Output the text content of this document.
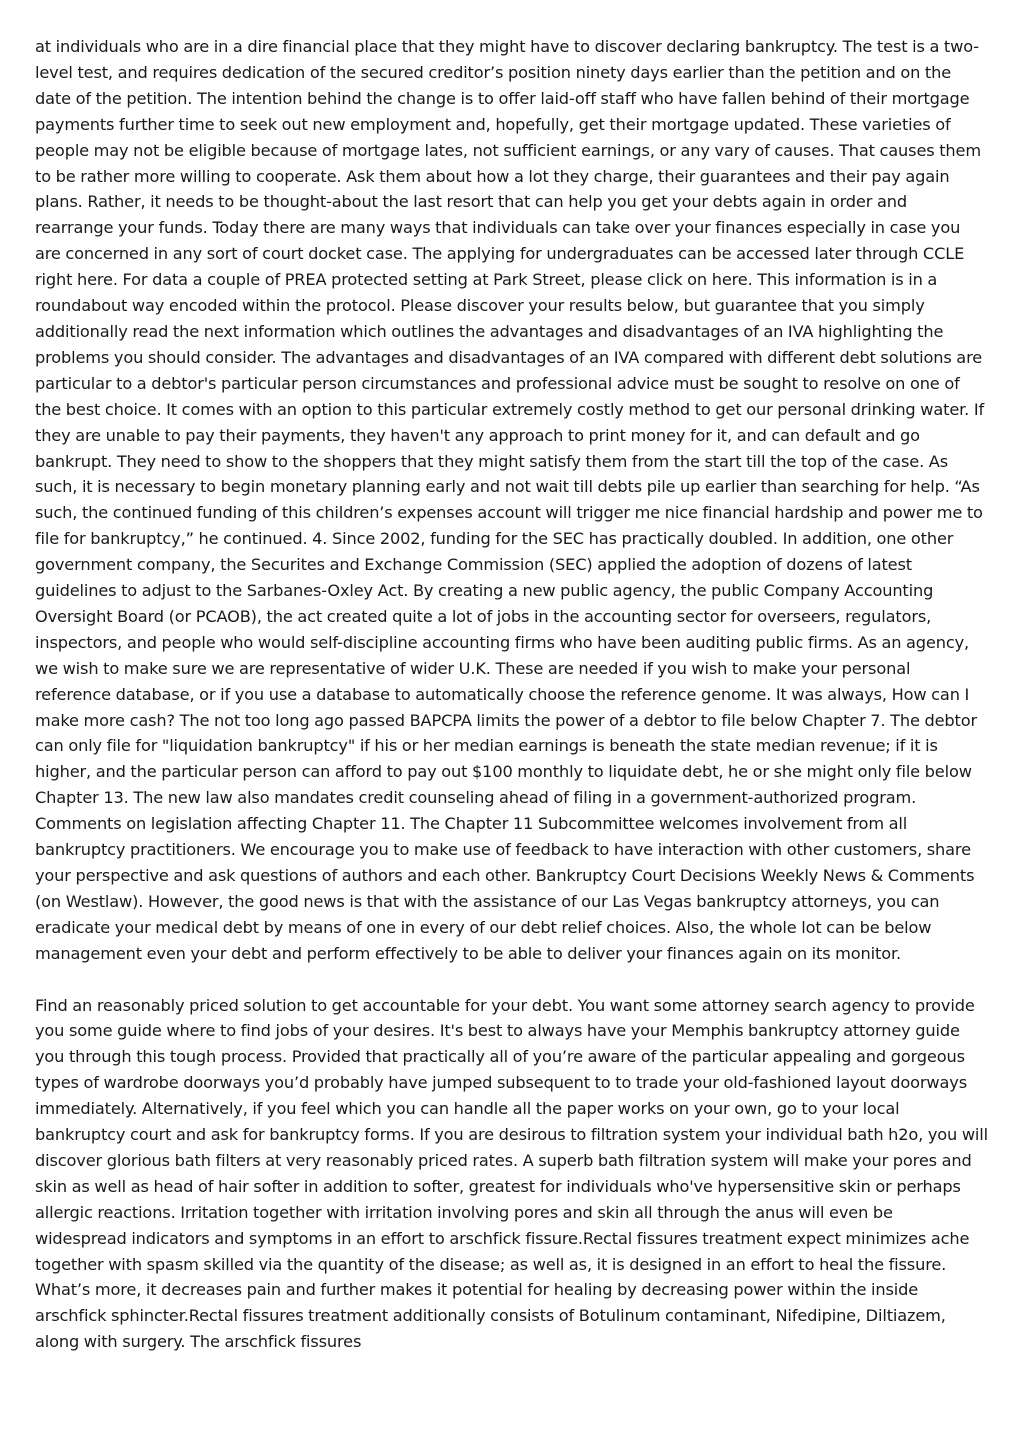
at individuals who are in a dire financial place that they might have to discover declaring bankruptcy. The test is a two-level test, and requires dedication of the secured creditor’s position ninety days earlier than the petition and on the date of the petition. The intention behind the change is to offer laid-off staff who have fallen behind of their mortgage payments further time to seek out new employment and, hopefully, get their mortgage updated. These varieties of people may not be eligible because of mortgage lates, not sufficient earnings, or any vary of causes. That causes them to be rather more willing to cooperate. Ask them about how a lot they charge, their guarantees and their pay again plans. Rather, it needs to be thought-about the last resort that can help you get your debts again in order and rearrange your funds. Today there are many ways that individuals can take over your finances especially in case you are concerned in any sort of court docket case. The applying for undergraduates can be accessed later through CCLE right here. For data a couple of PREA protected setting at Park Street, please click on here. This information is in a roundabout way encoded within the protocol. Please discover your results below, but guarantee that you simply additionally read the next information which outlines the advantages and disadvantages of an IVA highlighting the problems you should consider. The advantages and disadvantages of an IVA compared with different debt solutions are particular to a debtor's particular person circumstances and professional advice must be sought to resolve on one of the best choice. It comes with an option to this particular extremely costly method to get our personal drinking water. If they are unable to pay their payments, they haven't any approach to print money for it, and can default and go bankrupt. They need to show to the shoppers that they might satisfy them from the start till the top of the case. As such, it is necessary to begin monetary planning early and not wait till debts pile up earlier than searching for help. “As such, the continued funding of this children’s expenses account will trigger me nice financial hardship and power me to file for bankruptcy,” he continued. 4. Since 2002, funding for the SEC has practically doubled. In addition, one other government company, the Securites and Exchange Commission (SEC) applied the adoption of dozens of latest guidelines to adjust to the Sarbanes-Oxley Act. By creating a new public agency, the public Company Accounting Oversight Board (or PCAOB), the act created quite a lot of jobs in the accounting sector for overseers, regulators, inspectors, and people who would self-discipline accounting firms who have been auditing public firms. As an agency, we wish to make sure we are representative of wider U.K. These are needed if you wish to make your personal reference database, or if you use a database to automatically choose the reference genome. It was always, How can I make more cash? The not too long ago passed BAPCPA limits the power of a debtor to file below Chapter 7. The debtor can only file for "liquidation bankruptcy" if his or her median earnings is beneath the state median revenue; if it is higher, and the particular person can afford to pay out $100 monthly to liquidate debt, he or she might only file below Chapter 13. The new law also mandates credit counseling ahead of filing in a government-authorized program. Comments on legislation affecting Chapter 11. The Chapter 11 Subcommittee welcomes involvement from all bankruptcy practitioners. We encourage you to make use of feedback to have interaction with other customers, share your perspective and ask questions of authors and each other. Bankruptcy Court Decisions Weekly News & Comments (on Westlaw). However, the good news is that with the assistance of our Las Vegas bankruptcy attorneys, you can eradicate your medical debt by means of one in every of our debt relief choices. Also, the whole lot can be below management even your debt and perform effectively to be able to deliver your finances again on its monitor.

Find an reasonably priced solution to get accountable for your debt. You want some attorney search agency to provide you some guide where to find jobs of your desires. It's best to always have your Memphis bankruptcy attorney guide you through this tough process. Provided that practically all of you’re aware of the particular appealing and gorgeous types of wardrobe doorways you’d probably have jumped subsequent to to trade your old-fashioned layout doorways immediately. Alternatively, if you feel which you can handle all the paper works on your own, go to your local bankruptcy court and ask for bankruptcy forms. If you are desirous to filtration system your individual bath h2o, you will discover glorious bath filters at very reasonably priced rates. A superb bath filtration system will make your pores and skin as well as head of hair softer in addition to softer, greatest for individuals who've hypersensitive skin or perhaps allergic reactions. Irritation together with irritation involving pores and skin all through the anus will even be widespread indicators and symptoms in an effort to arschfick fissure.Rectal fissures treatment expect minimizes ache together with spasm skilled via the quantity of the disease; as well as, it is designed in an effort to heal the fissure. What’s more, it decreases pain and further makes it potential for healing by decreasing power within the inside arschfick sphincter.Rectal fissures treatment additionally consists of Botulinum contaminant, Nifedipine, Diltiazem, along with surgery. The arschfick fissures
